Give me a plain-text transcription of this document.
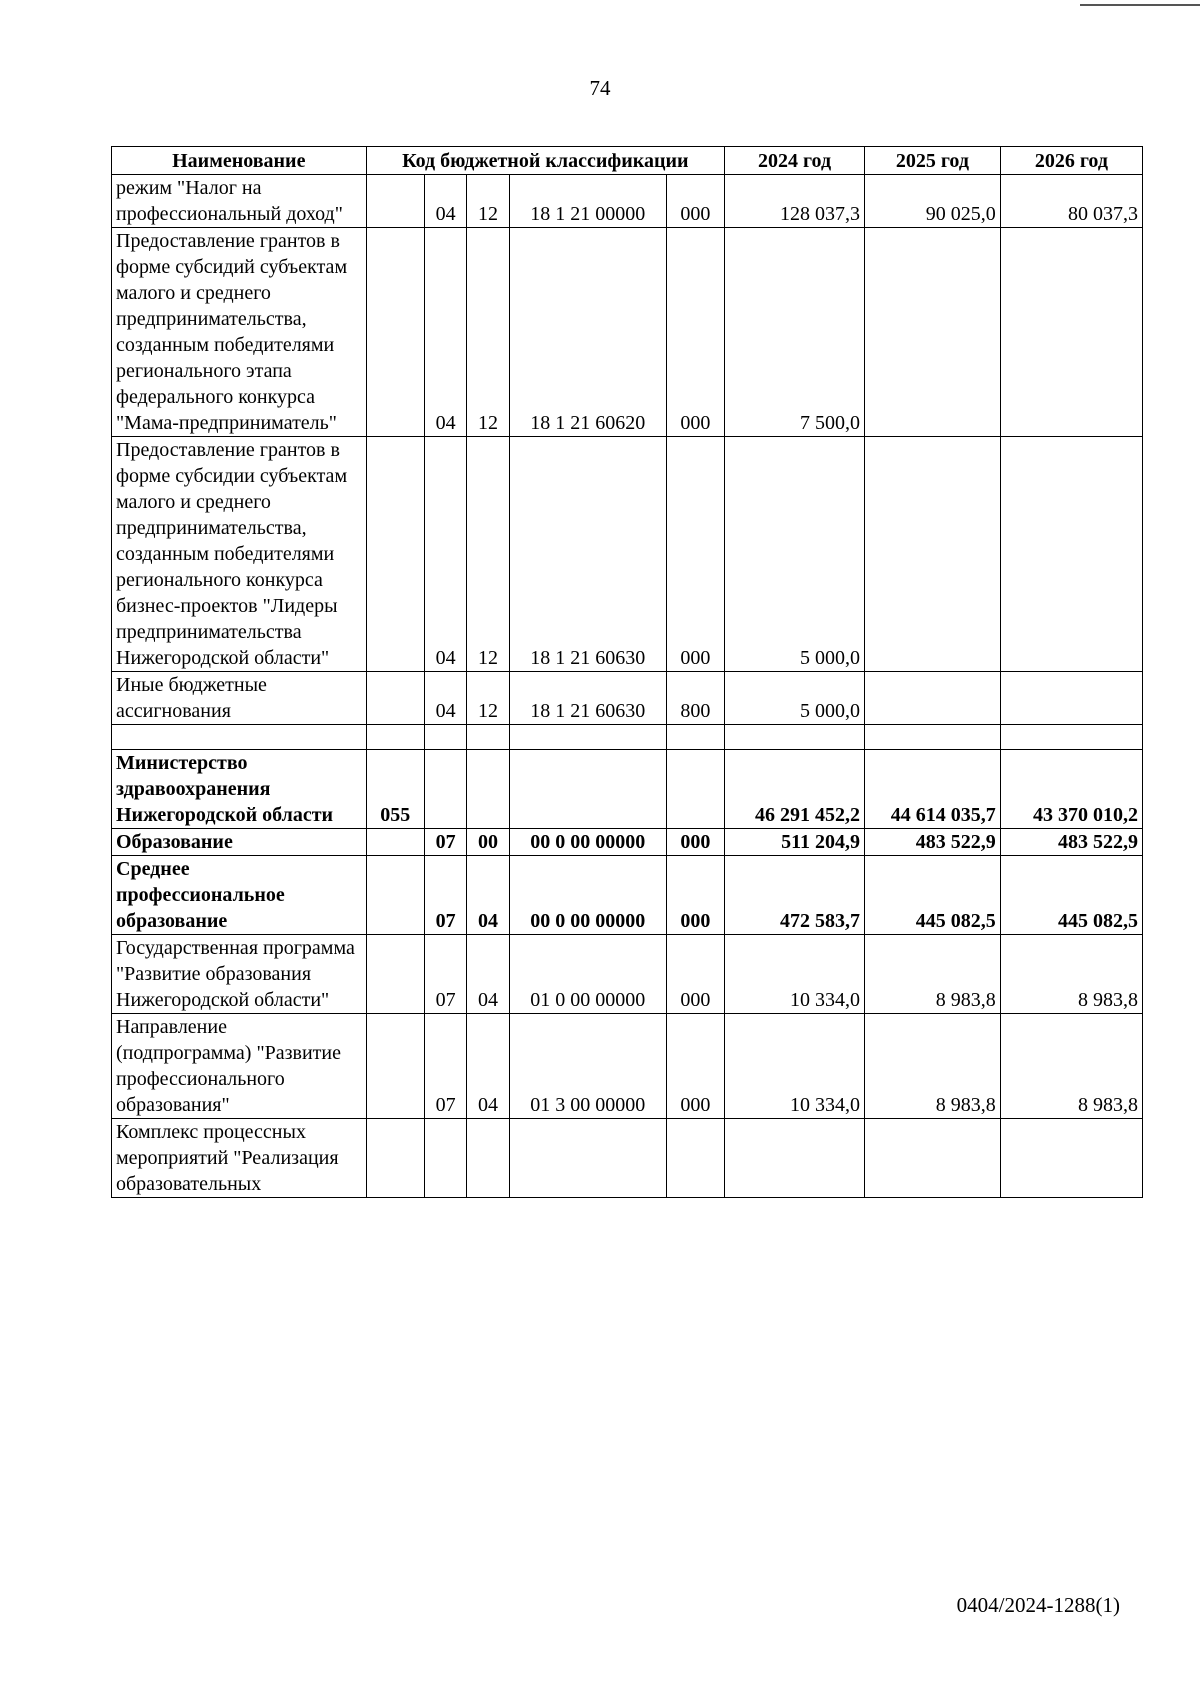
74
Наименование	Код бюджетной классификации					2024 год	2025 год	2026 год
режим "Налог на профессиональный доход"		04	12	18 1 21 00000	000	128 037,3	90 025,0	80 037,3
Предоставление грантов в форме субсидий субъектам малого и среднего предпринимательства, созданным победителями регионального этапа федерального конкурса "Мама-предприниматель"		04	12	18 1 21 60620	000	7 500,0		
Предоставление грантов в форме субсидии субъектам малого и среднего предпринимательства, созданным победителями регионального конкурса бизнес-проектов "Лидеры предпринимательства Нижегородской области"		04	12	18 1 21 60630	000	5 000,0		
Иные бюджетные ассигнования		04	12	18 1 21 60630	800	5 000,0		

Министерство здравоохранения Нижегородской области	055					46 291 452,2	44 614 035,7	43 370 010,2
Образование		07	00	00 0 00 00000	000	511 204,9	483 522,9	483 522,9
Среднее профессиональное образование		07	04	00 0 00 00000	000	472 583,7	445 082,5	445 082,5
Государственная программа "Развитие образования Нижегородской области"		07	04	01 0 00 00000	000	10 334,0	8 983,8	8 983,8
Направление (подпрограмма) "Развитие профессионального образования"		07	04	01 3 00 00000	000	10 334,0	8 983,8	8 983,8
Комплекс процессных мероприятий "Реализация образовательных								
0404/2024-1288(1)
